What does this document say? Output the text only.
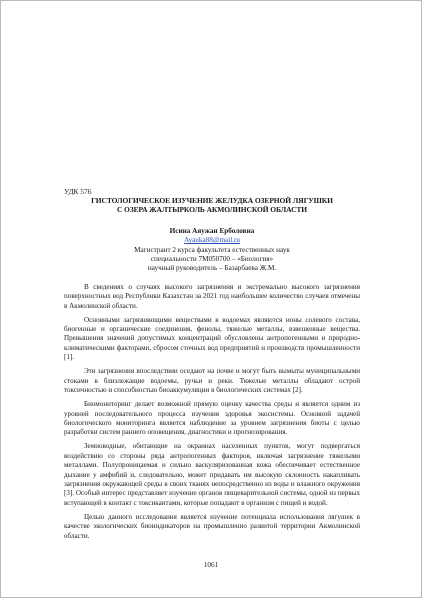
УДК 576

ГИСТОЛОГИЧЕСКОЕ ИЗУЧЕНИЕ ЖЕЛУДКА ОЗЕРНОЙ ЛЯГУШКИ

С ОЗЕРА ЖАЛТЫРКОЛЬ АКМОЛИНСКОЙ ОБЛАСТИ

Исина Аяужан Ерболовна
Ayauka88@mail.ru
Магистрант 2 курса факультета естественных наук
специальности 7М050700 – «Биология»
научный руководитель – Базарбаева Ж.М.

В сведениях о случаях высокого загрязнения и экстремально высокого загрязнения поверхностных вод Республики Казахстан за 2021 год наибольшее количество случаев отмечены в Акмолинской области.

Основными загрязняющими веществами в водоемах являются ионы солевого состава, биогенные и органические соединения, фенолы, тяжелые металлы, взвешенные вещества. Превышения значений допустимых концентраций обусловлены антропогенными и природно-климатическими факторами, сбросом сточных вод предприятий и производств промышленности [1].

Эти загрязнения впоследствии оседают на почве и могут быть вымыты муниципальными стоками в близлежащие водоемы, ручьи и реки. Тяжелые металлы обладают острой токсичностью и способностью биоаккумуляции в биологических системах [2].

Биомониторинг делает возможной прямую оценку качества среды и является одним из уровней последовательного процесса изучения здоровья экосистемы. Основной задачей биологического мониторинга является наблюдение за уровнем загрязнения биоты с целью разработки систем раннего оповещения, диагностики и прогнозирования.

Земноводные, обитающие на окраинах населенных пунктов, могут подвергаться воздействию со стороны ряда антропогенных факторов, включая загрязнение тяжелыми металлами. Полупроницаемая и сильно васкуляризованная кожа обеспечивает естественное дыхание у амфибий и, следовательно, может придавать им высокую склонность накапливать загрязнения окружающей среды в своих тканях непосредственно из воды и влажного окружения [3]. Особый интерес представляет изучение органов пищеварительной системы, одной из первых вступающей в контакт с токсикантами, которые попадают в организм с пищей и водой.

Целью данного исследования является изучение потенциала использования лягушек в качестве экологических биоиндикаторов на промышленно развитой территории Акмолинской области.

1061
